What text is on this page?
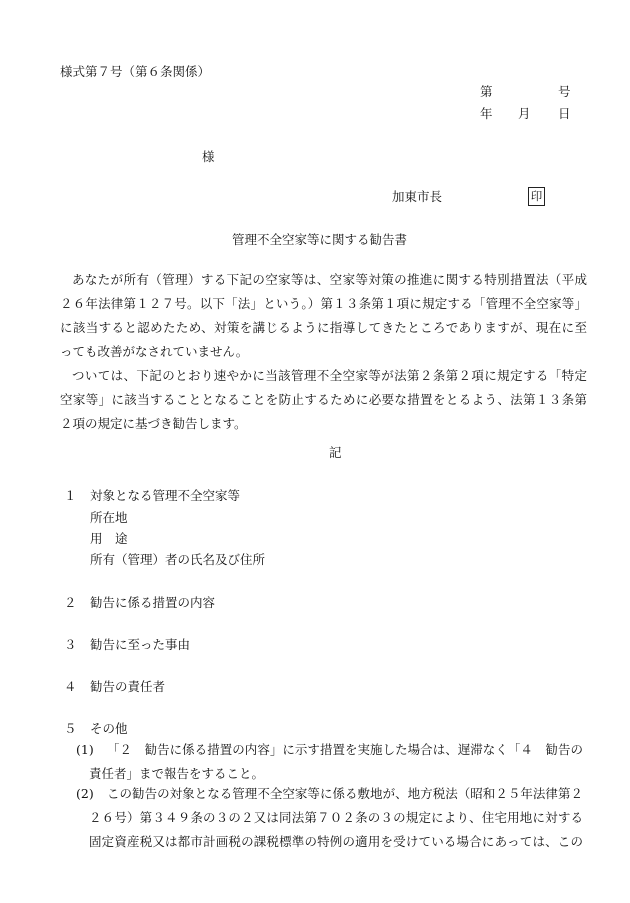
様式第７号（第６条関係）
第	号
年 月 日
様
加東市長	印
管理不全空家等に関する勧告書
あなたが所有（管理）する下記の空家等は、空家等対策の推進に関する特別措置法（平成
２６年法律第１２７号。以下「法」という。）第１３条第１項に規定する「管理不全空家等」
に該当すると認めたため、対策を講じるように指導してきたところでありますが、現在に至
っても改善がなされていません。
ついては、下記のとおり速やかに当該管理不全空家等が法第２条第２項に規定する「特定
空家等」に該当することとなることを防止するために必要な措置をとるよう、法第１３条第
２項の規定に基づき勧告します。
記
１ 対象となる管理不全空家等
所在地
用　途
所有（管理）者の氏名及び住所
２ 勧告に係る措置の内容
３ 勧告に至った事由
４ 勧告の責任者
５ その他
(1) 「２　勧告に係る措置の内容」に示す措置を実施した場合は、遅滞なく「４　勧告の
責任者」まで報告をすること。
(2) この勧告の対象となる管理不全空家等に係る敷地が、地方税法（昭和２５年法律第２
２６号）第３４９条の３の２又は同法第７０２条の３の規定により、住宅用地に対する
固定資産税又は都市計画税の課税標準の特例の適用を受けている場合にあっては、この
